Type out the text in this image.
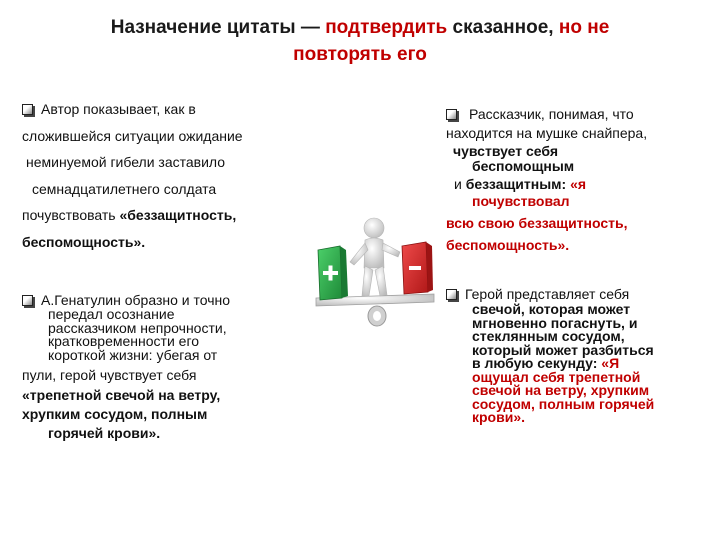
Назначение цитаты — подтвердить сказанное, но не
повторять его
Автор показывает, как в
сложившейся ситуации ожидание
неминуемой гибели заставило
семнадцатилетнего солдата
почувствовать «беззащитность,
беспомощность».
А.Генатулин образно и точно
передал осознание
рассказчиком непрочности,
кратковременности его
короткой жизни: убегая от
пули, герой чувствует себя
«трепетной свечой на ветру,
хрупким сосудом, полным
горячей крови».
Рассказчик, понимая, что
находится на мушке снайпера,
чувствует себя
беспомощным
и беззащитным: «я
почувствовал
всю свою беззащитность,
беспомощность».
Герой представляет себя
свечой, которая может
мгновенно погаснуть, и
стеклянным сосудом,
который может разбиться
в любую секунду: «Я
ощущал себя трепетной
свечой на ветру, хрупким
сосудом, полным горячей
крови».
